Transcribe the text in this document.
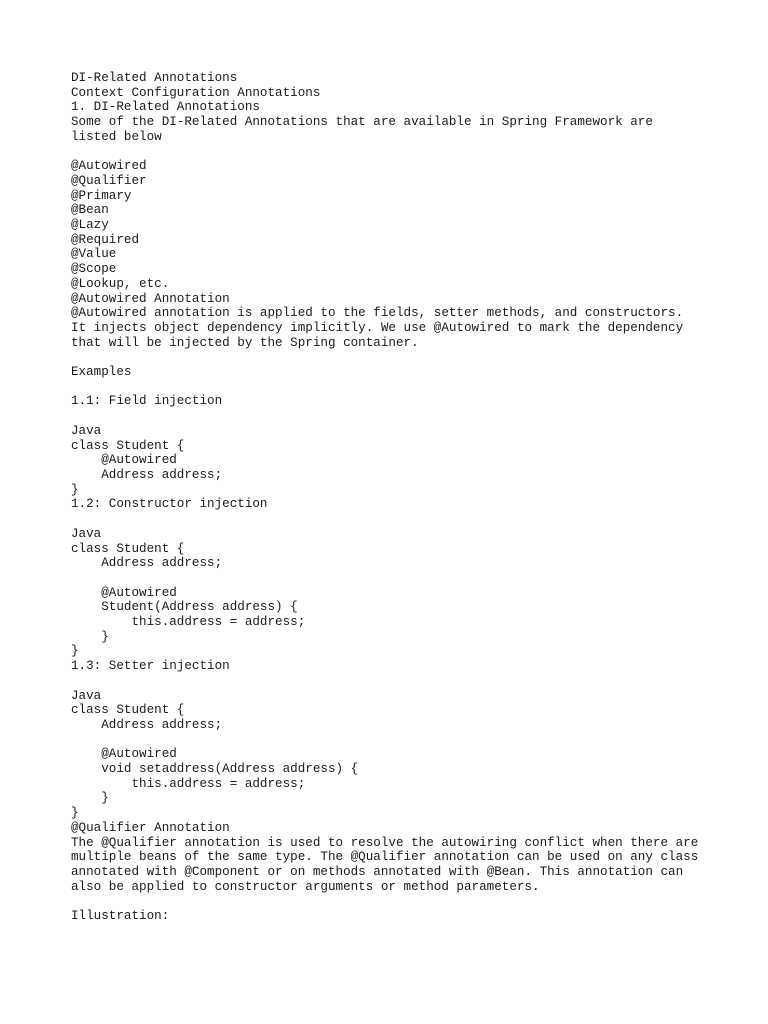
DI-Related Annotations
Context Configuration Annotations
1. DI-Related Annotations
Some of the DI-Related Annotations that are available in Spring Framework are
listed below

@Autowired
@Qualifier
@Primary
@Bean
@Lazy
@Required
@Value
@Scope
@Lookup, etc.
@Autowired Annotation
@Autowired annotation is applied to the fields, setter methods, and constructors.
It injects object dependency implicitly. We use @Autowired to mark the dependency
that will be injected by the Spring container.

Examples

1.1: Field injection

Java
class Student {
@Autowired
Address address;
}
1.2: Constructor injection

Java
class Student {
Address address;

@Autowired
Student(Address address) {
this.address = address;
}
}
1.3: Setter injection

Java
class Student {
Address address;

@Autowired
void setaddress(Address address) {
this.address = address;
}
}
@Qualifier Annotation
The @Qualifier annotation is used to resolve the autowiring conflict when there are
multiple beans of the same type. The @Qualifier annotation can be used on any class
annotated with @Component or on methods annotated with @Bean. This annotation can
also be applied to constructor arguments or method parameters.

Illustration:
